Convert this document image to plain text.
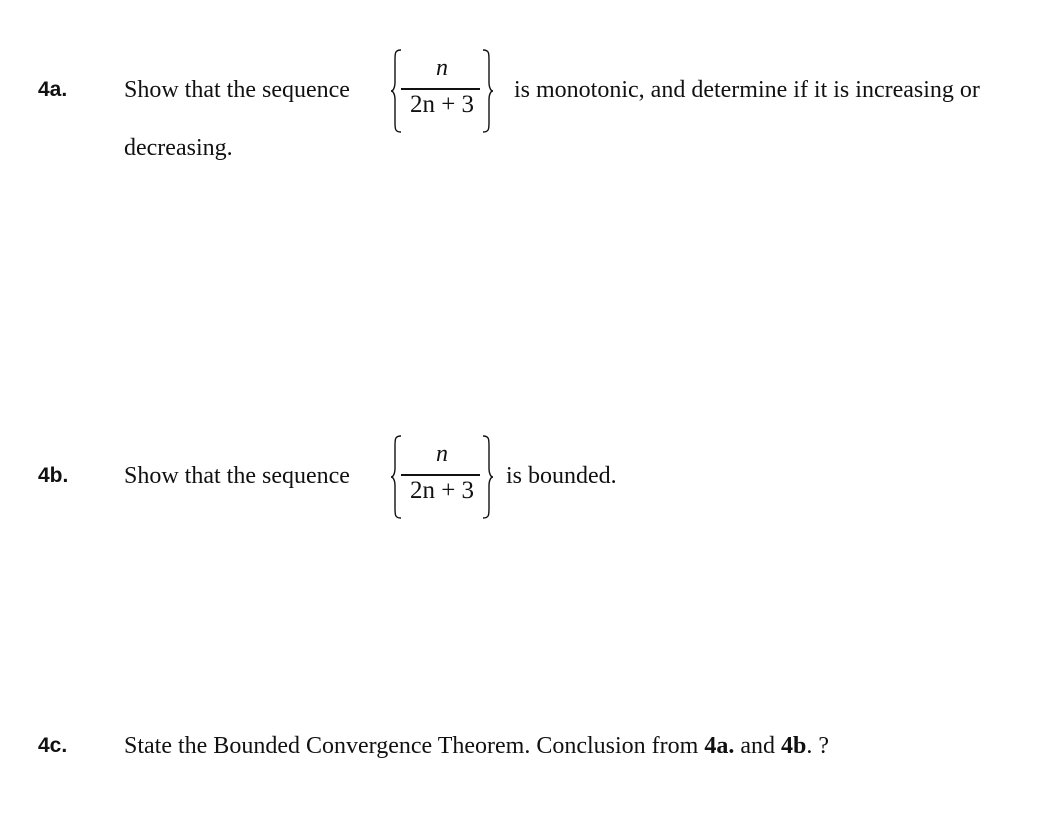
4a. Show that the sequence
n
2n + 3
is monotonic, and determine if it is increasing or
decreasing.
4b. Show that the sequence
n
2n + 3
is bounded.
4c. State the Bounded Convergence Theorem. Conclusion from 4a. and 4b. ?
